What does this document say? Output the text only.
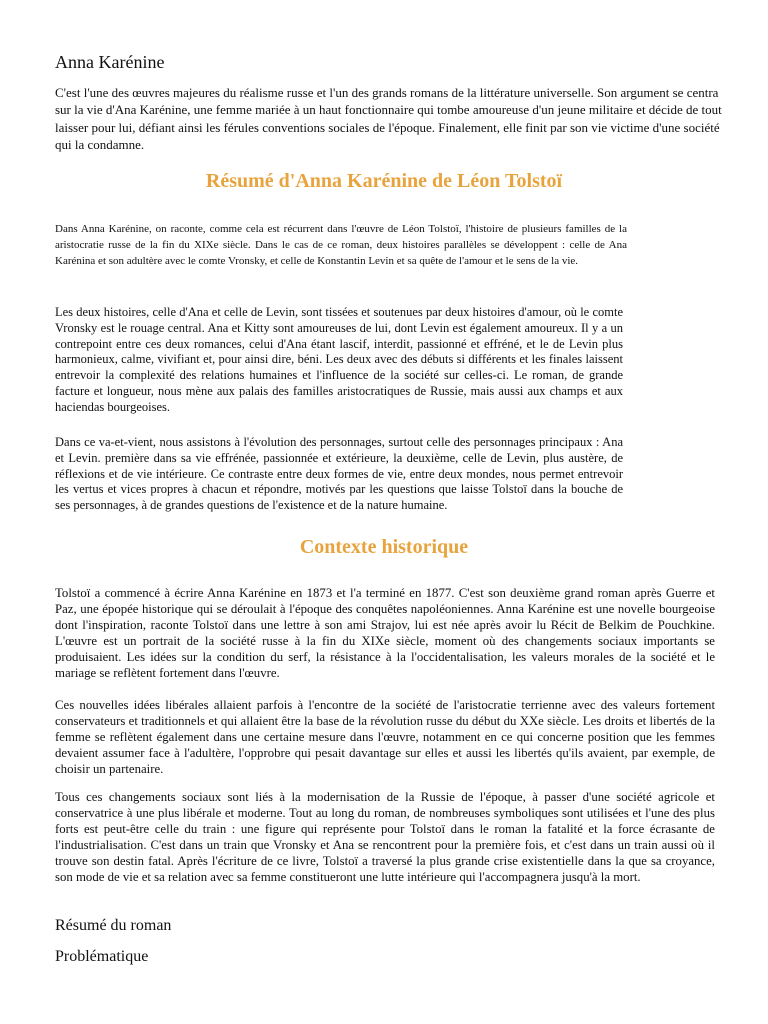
Anna Karénine

C'est l'une des œuvres majeures du réalisme russe et l'un des grands romans de la littérature universelle. Son argument se centra sur la vie d'Ana Karénine, une femme mariée à un haut fonctionnaire qui tombe amoureuse d'un jeune militaire et décide de tout laisser pour lui, défiant ainsi les férules conventions sociales de l'époque. Finalement, elle finit par son vie victime d'une société qui la condamne.

Résumé d'Anna Karénine de Léon Tolstoï

Dans Anna Karénine, on raconte, comme cela est récurrent dans l'œuvre de Léon Tolstoï, l'histoire de plusieurs familles de la aristocratie russe de la fin du XIXe siècle. Dans le cas de ce roman, deux histoires parallèles se développent : celle de Ana Karénina et son adultère avec le comte Vronsky, et celle de Konstantin Levin et sa quête de l'amour et le sens de la vie.

Les deux histoires, celle d'Ana et celle de Levin, sont tissées et soutenues par deux histoires d'amour, où le comte Vronsky est le rouage central. Ana et Kitty sont amoureuses de lui, dont Levin est également amoureux. Il y a un contrepoint entre ces deux romances, celui d'Ana étant lascif, interdit, passionné et effréné, et le de Levin plus harmonieux, calme, vivifiant et, pour ainsi dire, béni. Les deux avec des débuts si différents et les finales laissent entrevoir la complexité des relations humaines et l'influence de la société sur celles-ci. Le roman, de grande facture et longueur, nous mène aux palais des familles aristocratiques de Russie, mais aussi aux champs et aux haciendas bourgeoises.

Dans ce va-et-vient, nous assistons à l'évolution des personnages, surtout celle des personnages principaux : Ana et Levin. première dans sa vie effrénée, passionnée et extérieure, la deuxième, celle de Levin, plus austère, de réflexions et de vie intérieure. Ce contraste entre deux formes de vie, entre deux mondes, nous permet entrevoir les vertus et vices propres à chacun et répondre, motivés par les questions que laisse Tolstoï dans la bouche de ses personnages, à de grandes questions de l'existence et de la nature humaine.

Contexte historique

Tolstoï a commencé à écrire Anna Karénine en 1873 et l'a terminé en 1877. C'est son deuxième grand roman après Guerre et Paz, une épopée historique qui se déroulait à l'époque des conquêtes napoléoniennes. Anna Karénine est une novelle bourgeoise dont l'inspiration, raconte Tolstoï dans une lettre à son ami Strajov, lui est née après avoir lu Récit de Belkim de Pouchkine. L'œuvre est un portrait de la société russe à la fin du XIXe siècle, moment où des changements sociaux importants se produisaient. Les idées sur la condition du serf, la résistance à la l'occidentalisation, les valeurs morales de la société et le mariage se reflètent fortement dans l'œuvre.

Ces nouvelles idées libérales allaient parfois à l'encontre de la société de l'aristocratie terrienne avec des valeurs fortement conservateurs et traditionnels et qui allaient être la base de la révolution russe du début du XXe siècle. Les droits et libertés de la femme se reflètent également dans une certaine mesure dans l'œuvre, notamment en ce qui concerne position que les femmes devaient assumer face à l'adultère, l'opprobre qui pesait davantage sur elles et aussi les libertés qu'ils avaient, par exemple, de choisir un partenaire.

Tous ces changements sociaux sont liés à la modernisation de la Russie de l'époque, à passer d'une société agricole et conservatrice à une plus libérale et moderne. Tout au long du roman, de nombreuses symboliques sont utilisées et l'une des plus forts est peut-être celle du train : une figure qui représente pour Tolstoï dans le roman la fatalité et la force écrasante de l'industrialisation. C'est dans un train que Vronsky et Ana se rencontrent pour la première fois, et c'est dans un train aussi où il trouve son destin fatal. Après l'écriture de ce livre, Tolstoï a traversé la plus grande crise existentielle dans la que sa croyance, son mode de vie et sa relation avec sa femme constitueront une lutte intérieure qui l'accompagnera jusqu'à la mort.

Résumé du roman
Problématique
